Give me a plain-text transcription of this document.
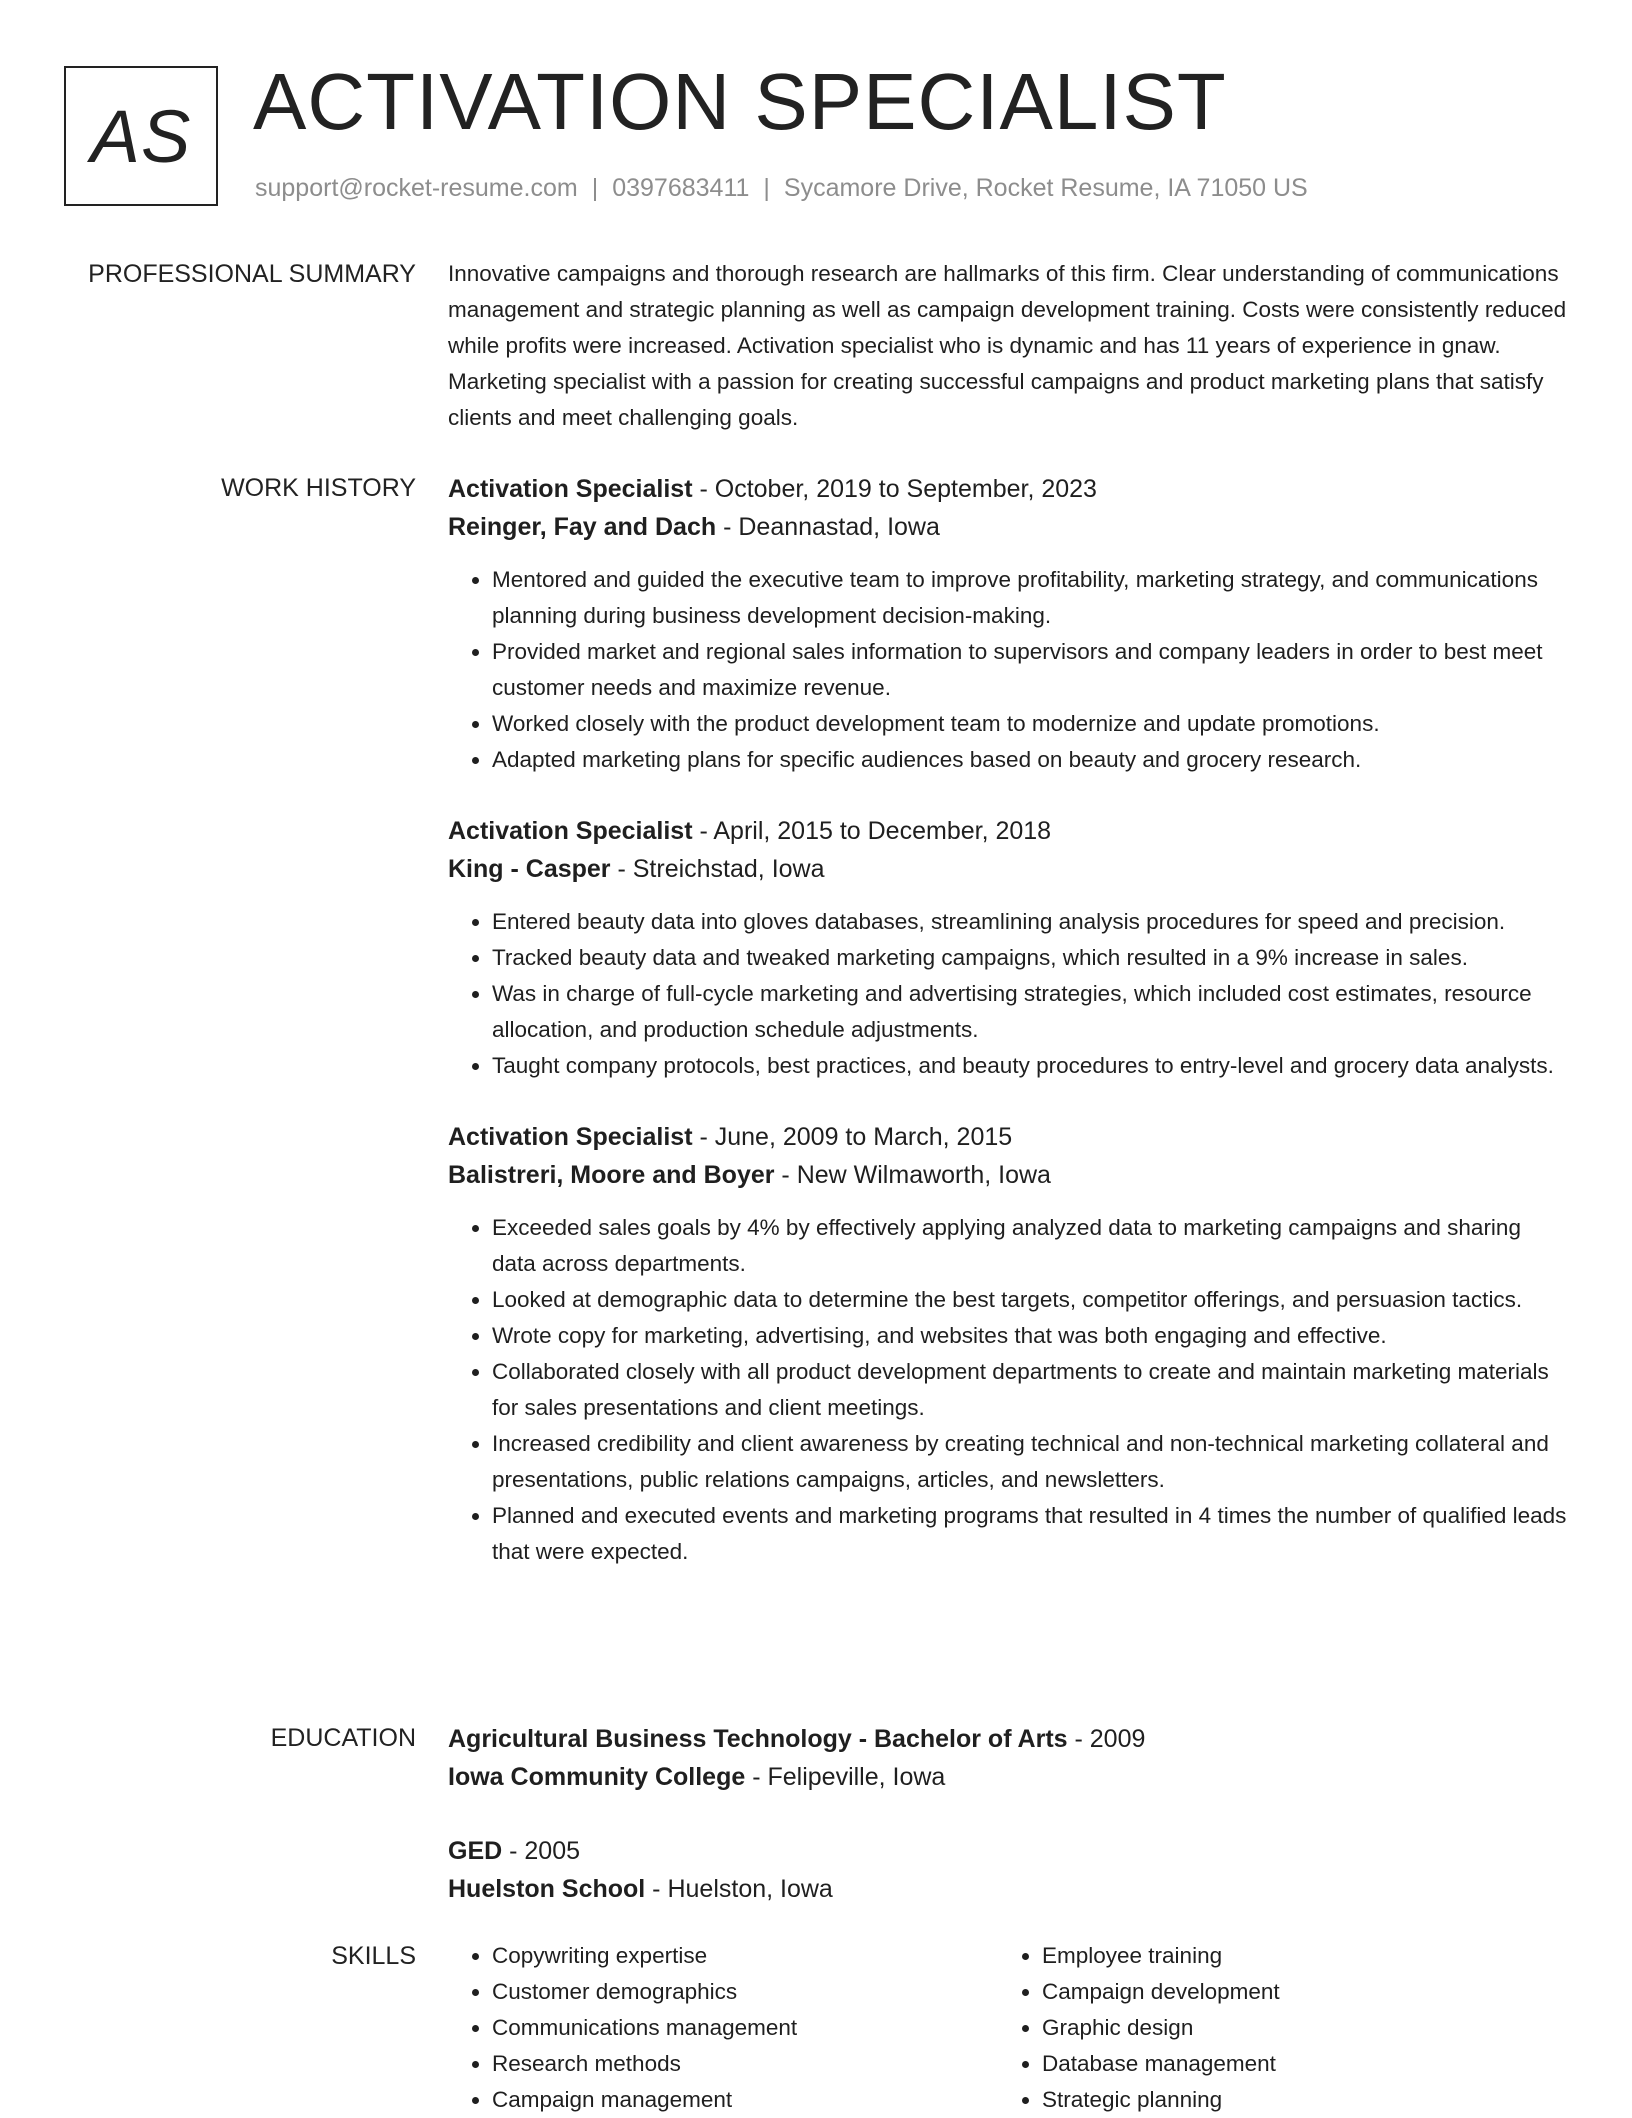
AS ACTIVATION SPECIALIST
support@rocket-resume.com | 0397683411 | Sycamore Drive, Rocket Resume, IA 71050 US
PROFESSIONAL SUMMARY Innovative campaigns and thorough research are hallmarks of this firm. Clear understanding of communications management and strategic planning as well as campaign development training. Costs were consistently reduced while profits were increased. Activation specialist who is dynamic and has 11 years of experience in gnaw. Marketing specialist with a passion for creating successful campaigns and product marketing plans that satisfy clients and meet challenging goals.

WORK HISTORY Activation Specialist - October, 2019 to September, 2023
Reinger, Fay and Dach - Deannastad, Iowa
• Mentored and guided the executive team to improve profitability, marketing strategy, and communications planning during business development decision-making.
• Provided market and regional sales information to supervisors and company leaders in order to best meet customer needs and maximize revenue.
• Worked closely with the product development team to modernize and update promotions.
• Adapted marketing plans for specific audiences based on beauty and grocery research.
Activation Specialist - April, 2015 to December, 2018
King - Casper - Streichstad, Iowa
• Entered beauty data into gloves databases, streamlining analysis procedures for speed and precision.
• Tracked beauty data and tweaked marketing campaigns, which resulted in a 9% increase in sales.
• Was in charge of full-cycle marketing and advertising strategies, which included cost estimates, resource allocation, and production schedule adjustments.
• Taught company protocols, best practices, and beauty procedures to entry-level and grocery data analysts.
Activation Specialist - June, 2009 to March, 2015
Balistreri, Moore and Boyer - New Wilmaworth, Iowa
• Exceeded sales goals by 4% by effectively applying analyzed data to marketing campaigns and sharing data across departments.
• Looked at demographic data to determine the best targets, competitor offerings, and persuasion tactics.
• Wrote copy for marketing, advertising, and websites that was both engaging and effective.
• Collaborated closely with all product development departments to create and maintain marketing materials for sales presentations and client meetings.
• Increased credibility and client awareness by creating technical and non-technical marketing collateral and presentations, public relations campaigns, articles, and newsletters.
• Planned and executed events and marketing programs that resulted in 4 times the number of qualified leads that were expected.
EDUCATION Agricultural Business Technology - Bachelor of Arts - 2009
Iowa Community College - Felipeville, Iowa
GED - 2005
Huelston School - Huelston, Iowa
SKILLS
•	Copywriting expertise
• Customer demographics
• Communications management
• Research methods
• Campaign management
• Employee training
• Campaign development
• Graphic design
• Database management
• Strategic planning
